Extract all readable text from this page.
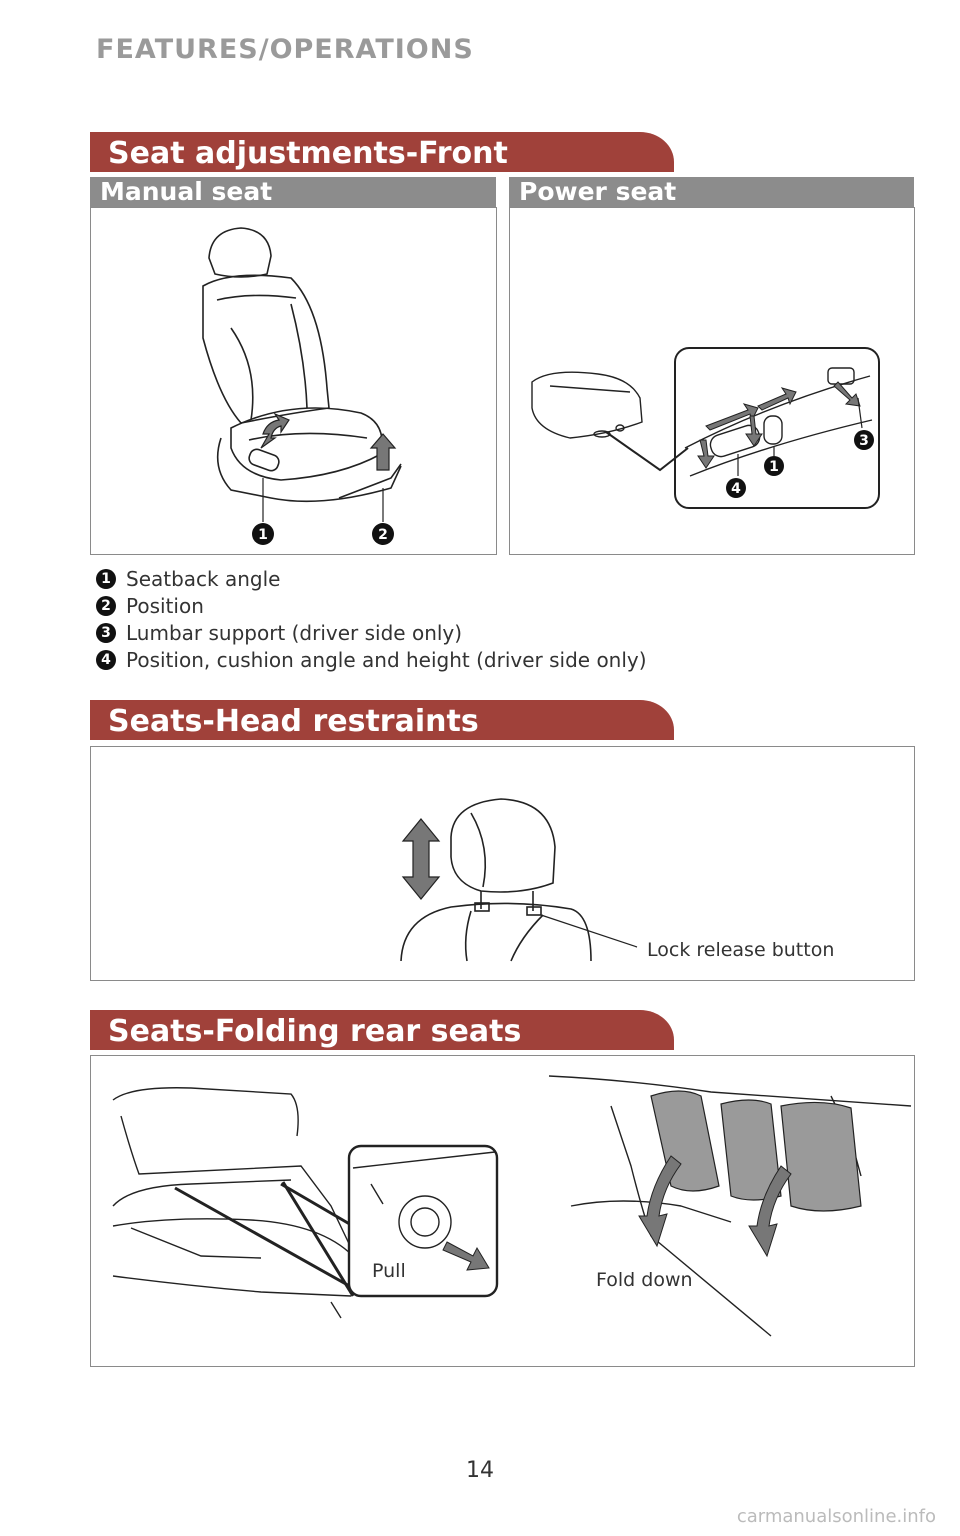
FEATURES/OPERATIONS
Seat adjustments-Front
Manual seat	Power seat
1	2
1
3
4
1 Seatback angle
2 Position
3 Lumbar support (driver side only)
4 Position, cushion angle and height (driver side only)
Seats-Head restraints
Lock release button
Seats-Folding rear seats
Pull	Fold down
14
carmanualsonline.info
